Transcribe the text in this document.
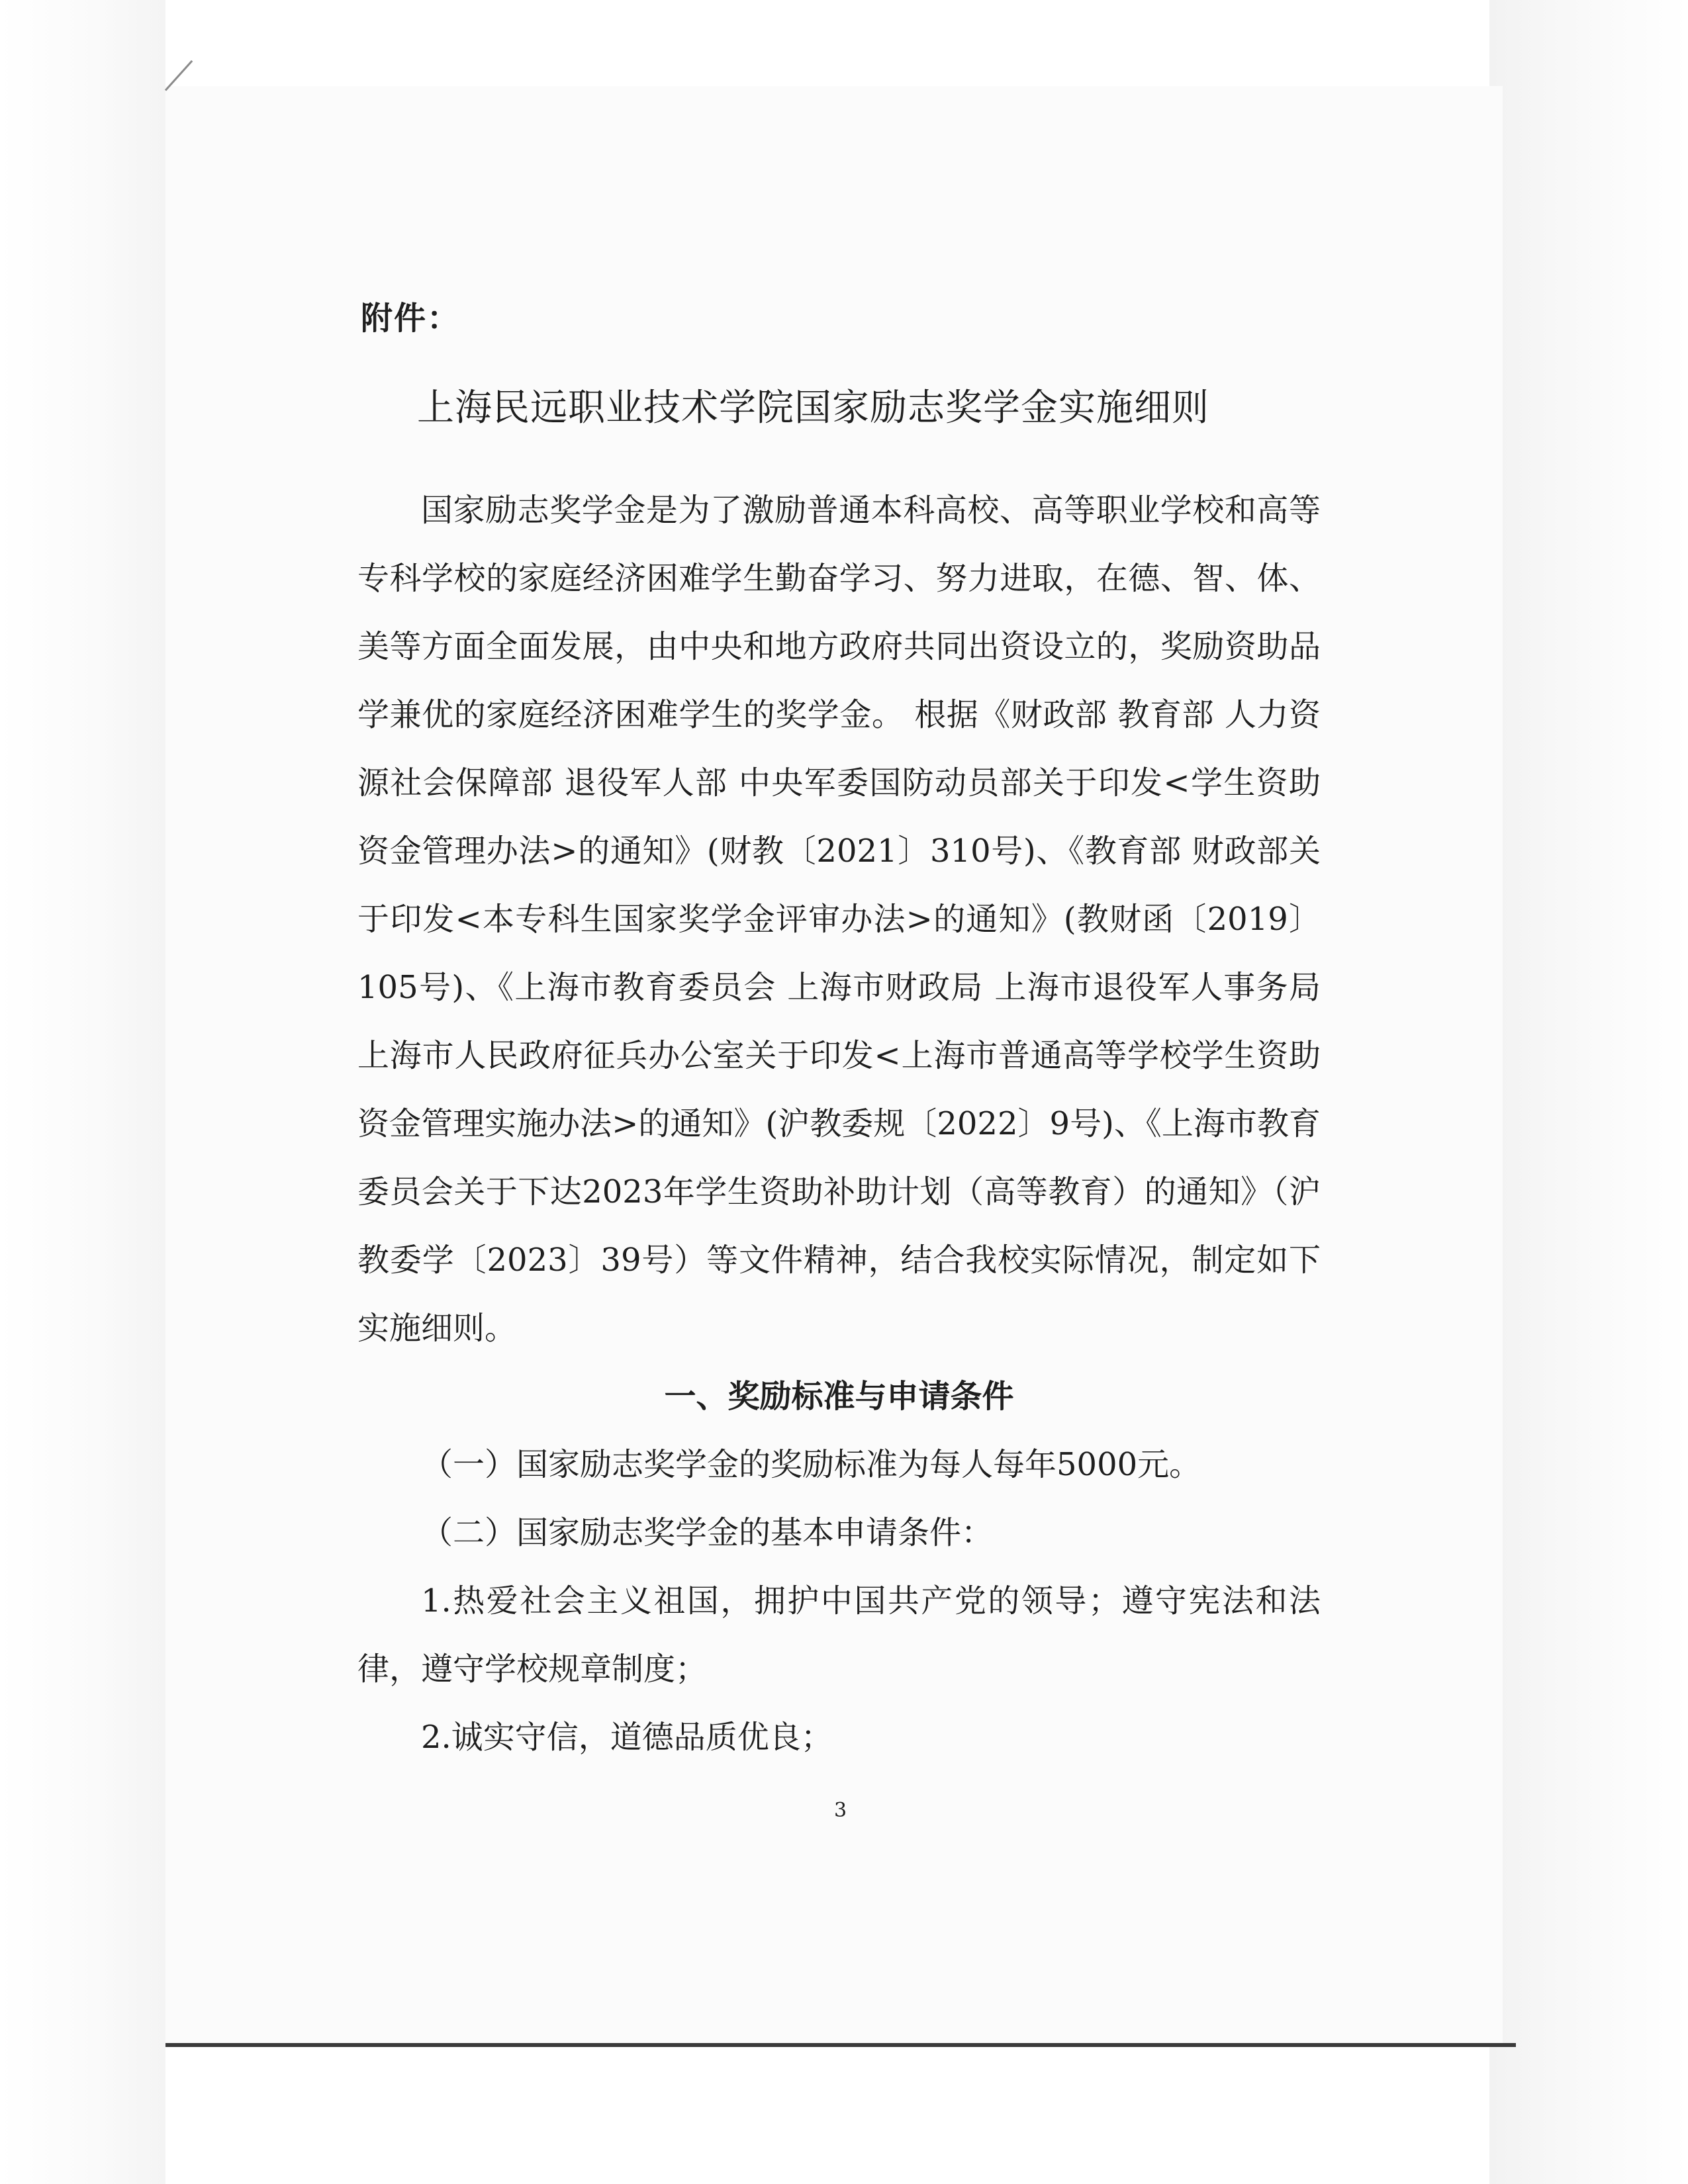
附件：
上海民远职业技术学院国家励志奖学金实施细则

国家励志奖学金是为了激励普通本科高校、高等职业学校和高等专科学校的家庭经济困难学生勤奋学习、努力进取，在德、智、体、美等方面全面发展，由中央和地方政府共同出资设立的，奖励资助品学兼优的家庭经济困难学生的奖学金。 根据《财政部 教育部 人力资源社会保障部 退役军人部 中央军委国防动员部关于印发<学生资助资金管理办法>的通知》(财教〔2021〕310号)、《教育部 财政部关于印发<本专科生国家奖学金评审办法>的通知》(教财函〔2019〕105号)、《上海市教育委员会 上海市财政局 上海市退役军人事务局 上海市人民政府征兵办公室关于印发<上海市普通高等学校学生资助资金管理实施办法>的通知》(沪教委规〔2022〕9号)、《上海市教育委员会关于下达2023年学生资助补助计划（高等教育）的通知》（沪教委学〔2023〕39号）等文件精神，结合我校实际情况，制定如下实施细则。

一、奖励标准与申请条件

（一）国家励志奖学金的奖励标准为每人每年5000元。

（二）国家励志奖学金的基本申请条件：

1.热爱社会主义祖国，拥护中国共产党的领导；遵守宪法和法律，遵守学校规章制度；

2.诚实守信，道德品质优良；

3
